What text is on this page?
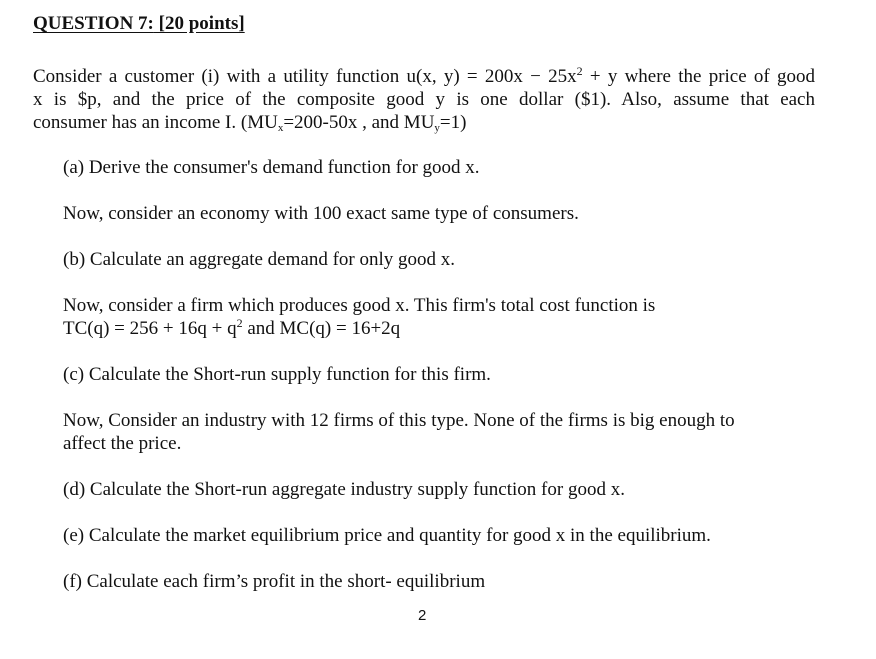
QUESTION 7: [20 points]
Consider a customer (i) with a utility function u(x, $y) = 200x - 25x^2 + y$ where the price of good
x is $p, and the price of the composite good y is one dollar ($1). Also, assume that each
consumer has an income I. ($MU_x=200-50x$ , and $MU_y=1$)
(a) Derive the consumer's demand function for good x.
Now, consider an economy with 100 exact same type of consumers.
(b) Calculate an aggregate demand for only good x.
Now, consider a firm which produces good x. This firm's total cost function is
$TC(q) = 256 + 16q + q^2$ and MC(q) = 16+2q
(c) Calculate the Short-run supply function for this firm.
Now, Consider an industry with 12 firms of this type. None of the firms is big enough to
affect the price.
(d) Calculate the Short-run aggregate industry supply function for good x.
(e) Calculate the market equilibrium price and quantity for good x in the equilibrium.
(f) Calculate each firm’s profit in the short- equilibrium
2
